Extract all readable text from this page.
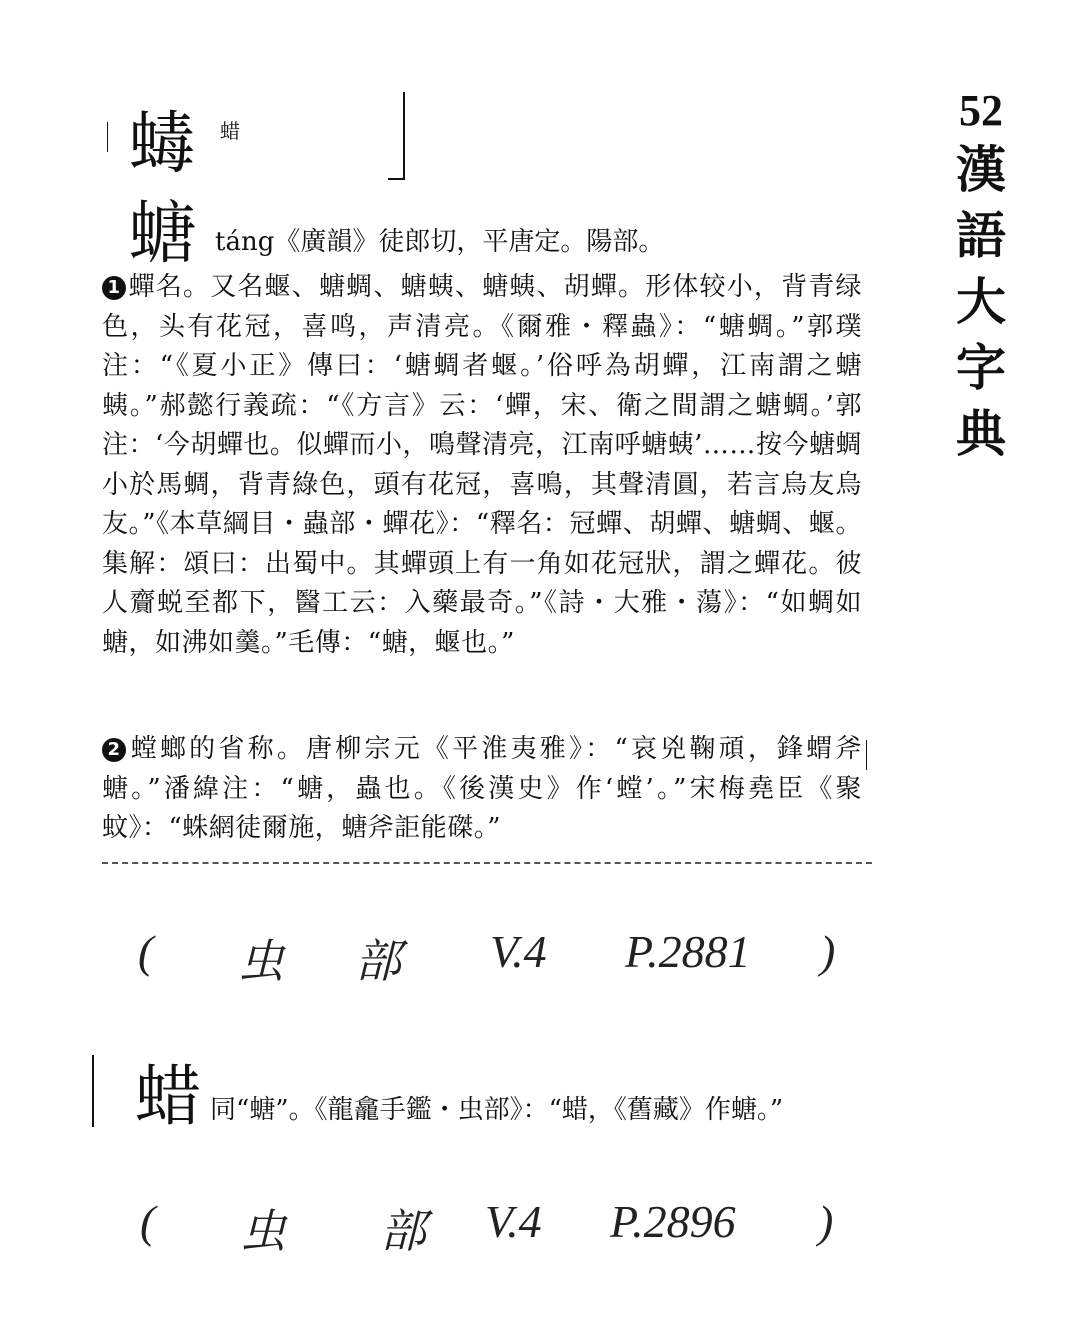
52
漢
語
大
字
典
蝳 蜡
螗 táng《廣韻》徒郎切，平唐定。陽部。
1 蟬名。又名蝘、螗蜩、螗蛦、螗蛦、胡蟬。形体较小，背青绿色，头有花冠，喜鸣，声清亮。《爾雅・釋蟲》：“螗蜩。”郭璞注：“《夏小正》傳曰：‘螗蜩者蝘。’俗呼為胡蟬，江南謂之螗蛦。”郝懿行義疏：“《方言》云：‘蟬，宋、衛之間謂之螗蜩。’郭注：‘今胡蟬也。似蟬而小，鳴聲清亮，江南呼螗蛦’……按今螗蜩小於馬蜩，背青綠色，頭有花冠，喜鳴，其聲清圓，若言烏友烏友。”《本草綱目・蟲部・蟬花》：“釋名：冠蟬、胡蟬、螗蜩、蝘。集解：頌曰：出蜀中。其蟬頭上有一角如花冠狀，謂之蟬花。彼人齎蜕至都下，醫工云：入藥最奇。”《詩・大雅・蕩》：“如蜩如螗，如沸如羹。”毛傳：“螗，蝘也。”
2 螳螂的省称。唐柳宗元《平淮夷雅》：“哀兇鞠頑，鋒蝟斧螗。”潘緯注：“螗，蟲也。《後漢史》作‘螳’。”宋梅堯臣《聚蚊》：“蛛網徒爾施，螗斧詎能磔。”
( 虫 部 V.4 P.2881 )
蜡 同“螗”。《龍龕手鑑・虫部》：“蜡，《舊藏》作螗。”
( 虫 部 V.4 P.2896 )
